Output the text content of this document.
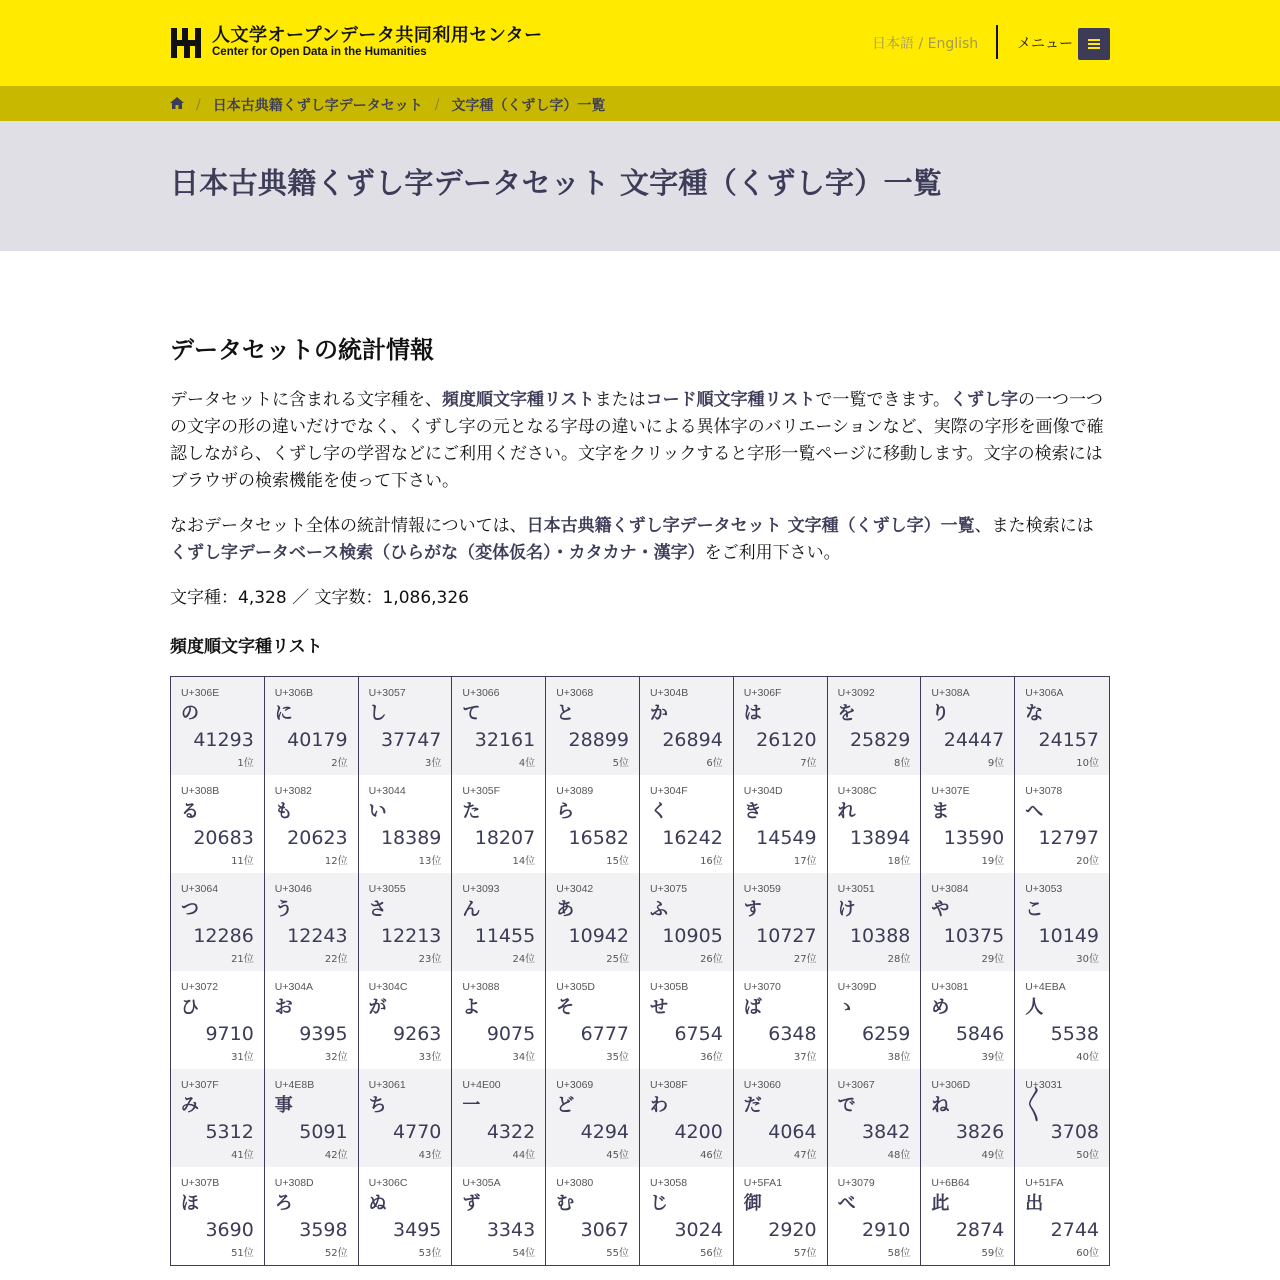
人文学オープンデータ共同利用センター
Center for Open Data in the Humanities	日本語 / English	メニュー
/ 日本古典籍くずし字データセット / 文字種（くずし字）一覧
日本古典籍くずし字データセット 文字種（くずし字）一覧
データセットの統計情報

データセットに含まれる文字種を、頻度順文字種リストまたはコード順文字種リストで一覧できます。くずし字の一つ一つの文字の形の違いだけでなく、くずし字の元となる字母の違いによる異体字のバリエーションなど、実際の字形を画像で確認しながら、くずし字の学習などにご利用ください。文字をクリックすると字形一覧ページに移動します。文字の検索にはブラウザの検索機能を使って下さい。

なおデータセット全体の統計情報については、日本古典籍くずし字データセット 文字種（くずし字）一覧、また検索にはくずし字データベース検索（ひらがな（変体仮名）・カタカナ・漢字）をご利用下さい。

文字種：4,328 ／ 文字数：1,086,326

頻度順文字種リスト
U+306E
の
41293
1位
U+306B
に
40179
2位
U+3057
し
37747
3位
U+3066
て
32161
4位
U+3068
と
28899
5位
U+304B
か
26894
6位
U+306F
は
26120
7位
U+3092
を
25829
8位
U+308A
り
24447
9位
U+306A
な
24157
10位
U+308B
る
20683
11位
U+3082
も
20623
12位
U+3044
い
18389
13位
U+305F
た
18207
14位
U+3089
ら
16582
15位
U+304F
く
16242
16位
U+304D
き
14549
17位
U+308C
れ
13894
18位
U+307E
ま
13590
19位
U+3078
へ
12797
20位
U+3064
つ
12286
21位
U+3046
う
12243
22位
U+3055
さ
12213
23位
U+3093
ん
11455
24位
U+3042
あ
10942
25位
U+3075
ふ
10905
26位
U+3059
す
10727
27位
U+3051
け
10388
28位
U+3084
や
10375
29位
U+3053
こ
10149
30位
U+3072
ひ
9710
31位
U+304A
お
9395
32位
U+304C
が
9263
33位
U+3088
よ
9075
34位
U+305D
そ
6777
35位
U+305B
せ
6754
36位
U+3070
ば
6348
37位
U+309D
ゝ
6259
38位
U+3081
め
5846
39位
U+4EBA
人
5538
40位
U+307F
み
5312
41位
U+4E8B
事
5091
42位
U+3061
ち
4770
43位
U+4E00
一
4322
44位
U+3069
ど
4294
45位
U+308F
わ
4200
46位
U+3060
だ
4064
47位
U+3067
で
3842
48位
U+306D
ね
3826
49位
U+3031
〱
3708
50位
U+307B
ほ
3690
51位
U+308D
ろ
3598
52位
U+306C
ぬ
3495
53位
U+305A
ず
3343
54位
U+3080
む
3067
55位
U+3058
じ
3024
56位
U+5FA1
御
2920
57位
U+3079
べ
2910
58位
U+6B64
此
2874
59位
U+51FA
出
2744
60位
